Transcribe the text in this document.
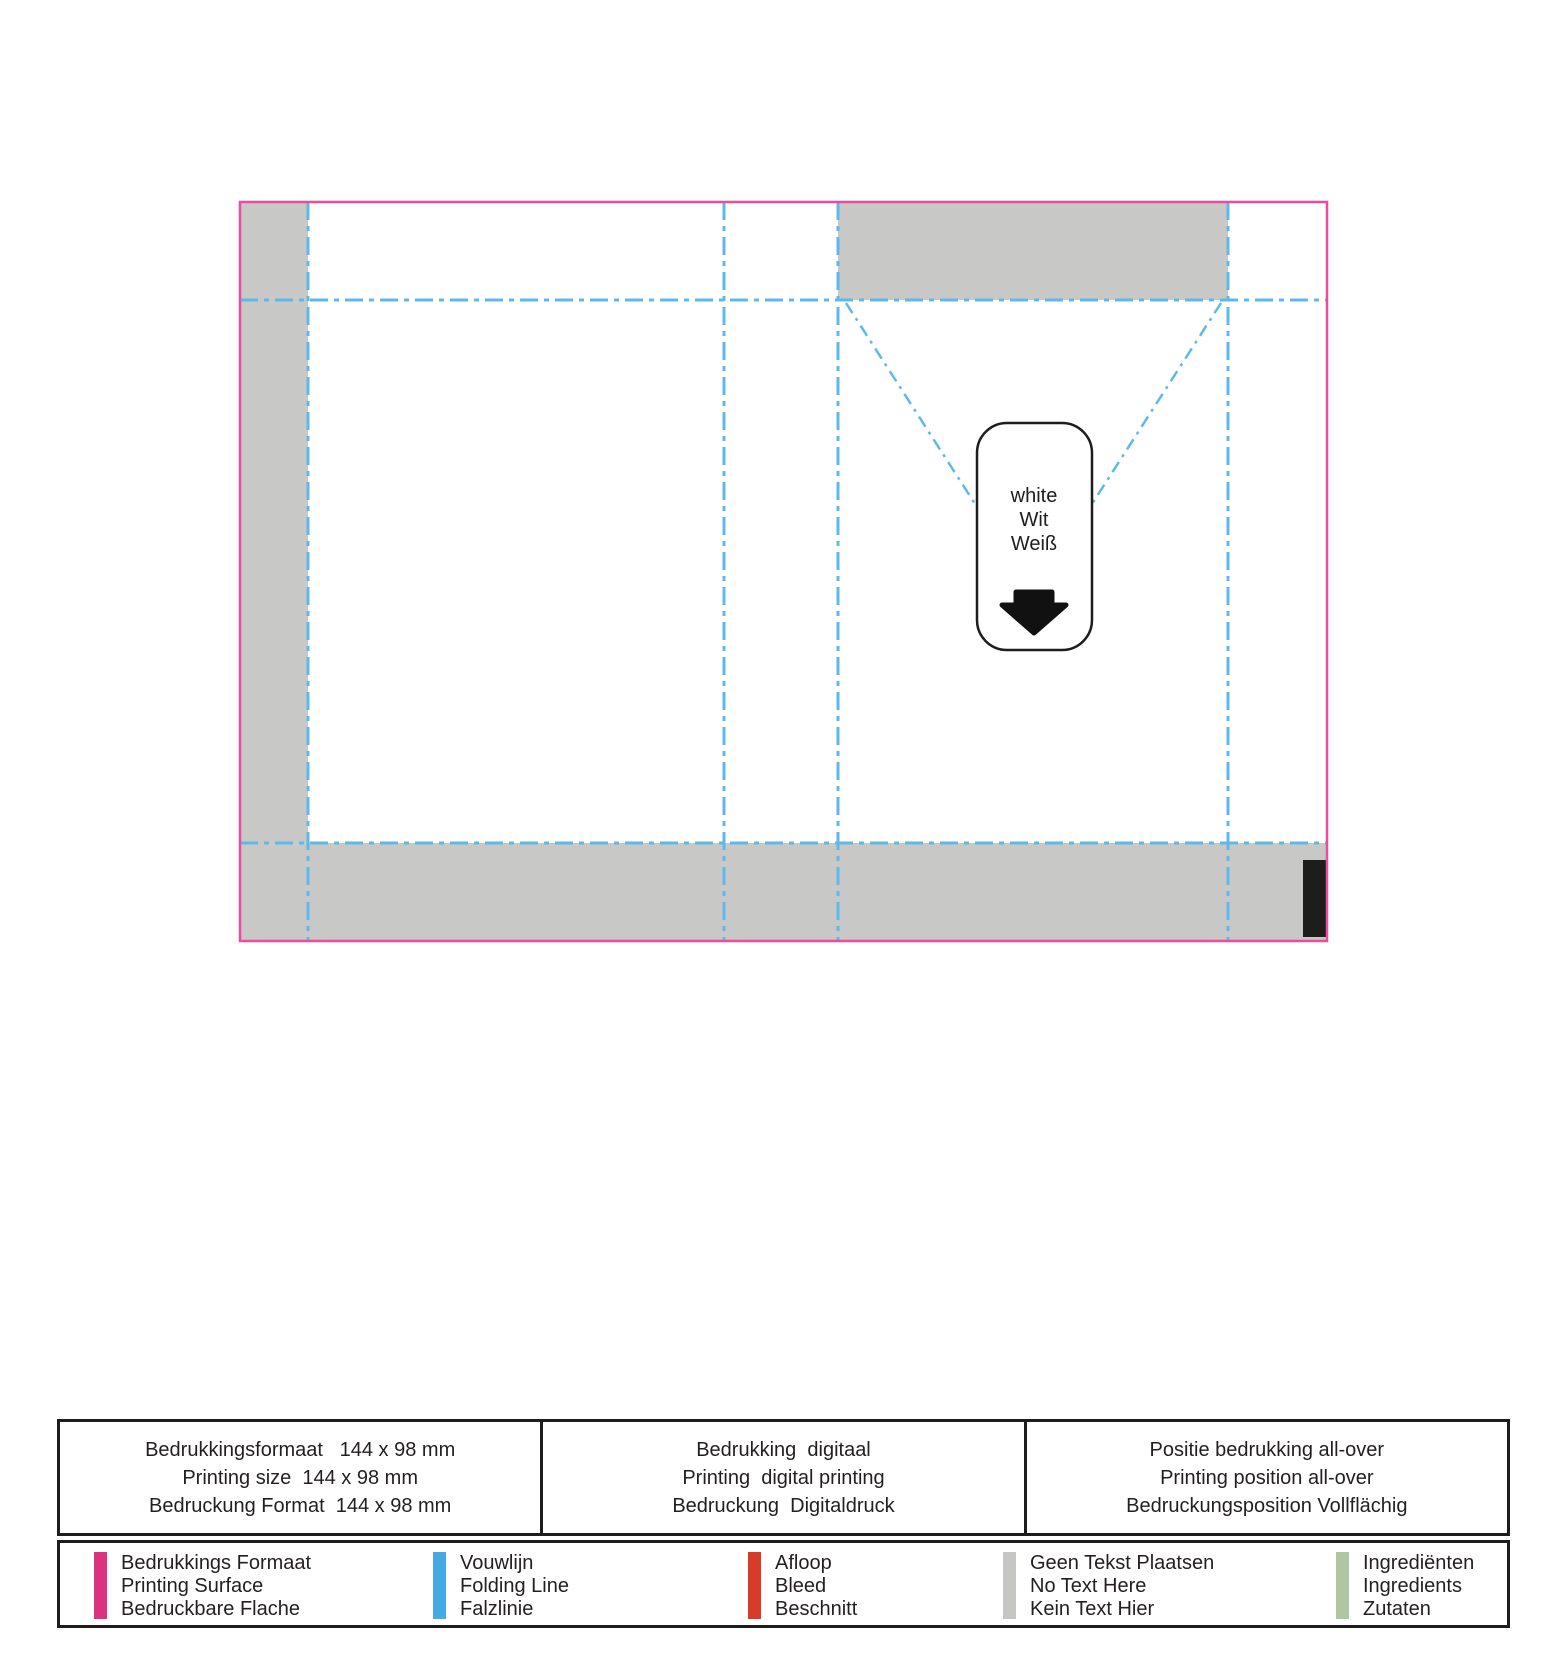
white
Wit
Weiß

Bedrukkingsformaat   144 x 98 mm

Printing size  144 x 98 mm

Bedruckung Format  144 x 98 mm

Bedrukking  digitaal

Printing  digital printing

Bedruckung  Digitaldruck

Positie bedrukking all-over

Printing position all-over

Bedruckungsposition Vollflächig

Bedrukkings Formaat

Printing Surface

Bedruckbare Flache

Vouwlijn

Folding Line

Falzlinie

Afloop

Bleed

Beschnitt

Geen Tekst Plaatsen

No Text Here

Kein Text Hier

Ingrediënten

Ingredients

Zutaten
